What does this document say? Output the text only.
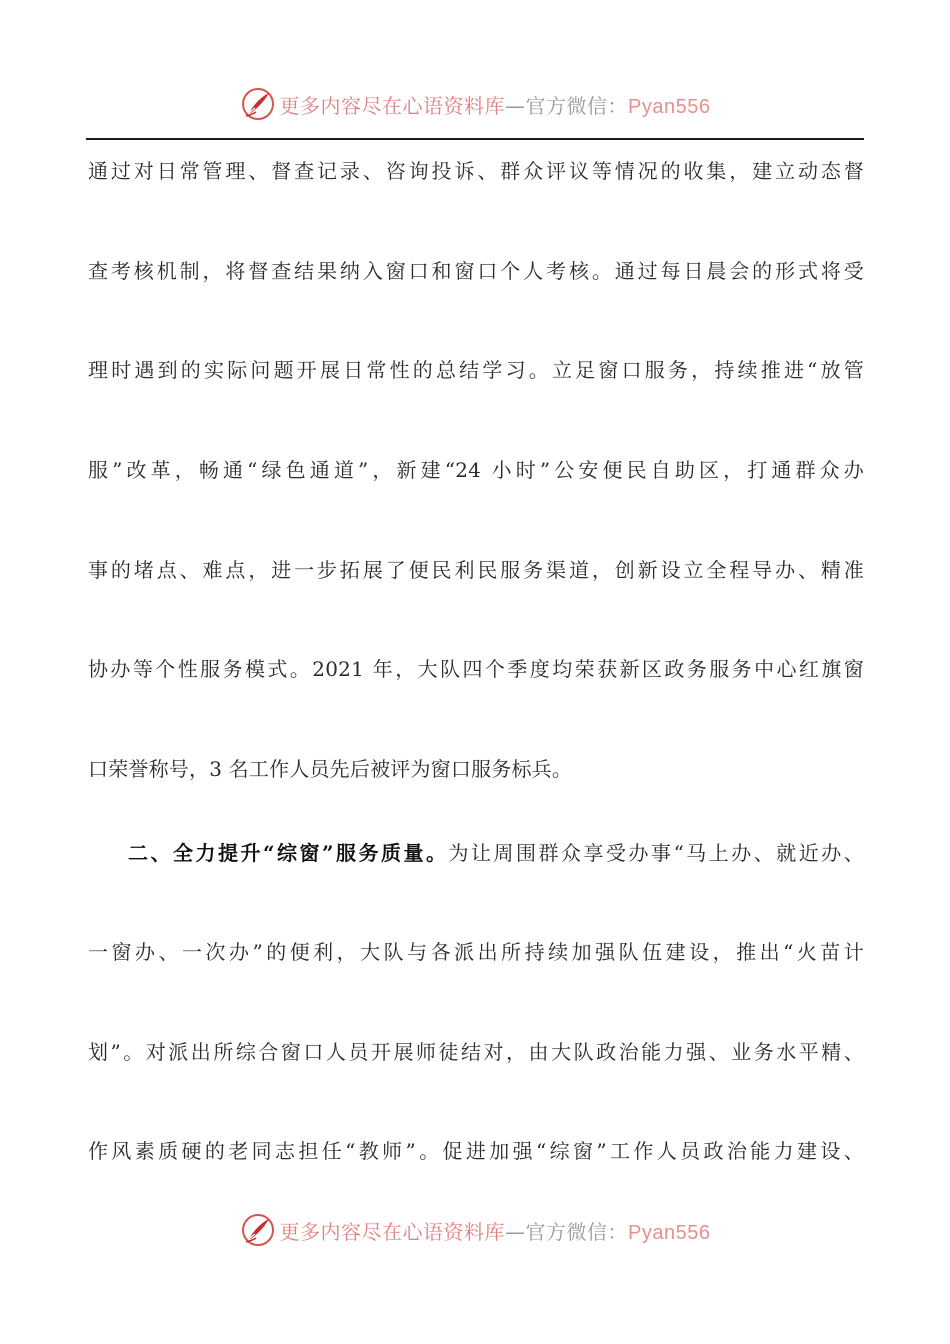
更多内容尽在心语资料库—官方微信：Pyan556
通过对日常管理、督查记录、咨询投诉、群众评议等情况的收集，建立动态督
查考核机制，将督查结果纳入窗口和窗口个人考核。通过每日晨会的形式将受
理时遇到的实际问题开展日常性的总结学习。立足窗口服务，持续推进“放管
服”改革，畅通“绿色通道”，新建“24 小时”公安便民自助区，打通群众办
事的堵点、难点，进一步拓展了便民利民服务渠道，创新设立全程导办、精准
协办等个性服务模式。2021 年，大队四个季度均荣获新区政务服务中心红旗窗
口荣誉称号，3 名工作人员先后被评为窗口服务标兵。
二、全力提升“综窗”服务质量。为让周围群众享受办事“马上办、就近办、
一窗办、一次办”的便利，大队与各派出所持续加强队伍建设，推出“火苗计
划”。对派出所综合窗口人员开展师徒结对，由大队政治能力强、业务水平精、
作风素质硬的老同志担任“教师”。促进加强“综窗”工作人员政治能力建设、
更多内容尽在心语资料库—官方微信：Pyan556
